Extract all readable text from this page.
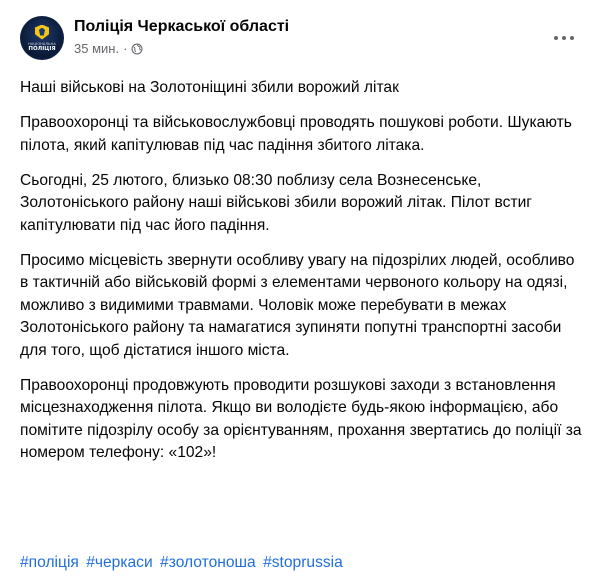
НАЦІОНАЛЬНА
ПОЛІЦІЯ
Поліція Черкаської області
35 мин. ·

Наші військові на Золотоніщині збили ворожий літак

Правоохоронці та військовослужбовці проводять пошукові роботи. Шукають пілота, який капітулював під час падіння збитого літака.

Сьогодні, 25 лютого, близько 08:30 поблизу села Вознесенське, Золотоніського району наші військові збили ворожий літак. Пілот встиг капітулювати під час його падіння.

Просимо місцевість звернути особливу увагу на підозрілих людей, особливо в тактичній або військовій формі з елементами червоного кольору на одязі, можливо з видимими травмами. Чоловік може перебувати в межах Золотоніського району та намагатися зупиняти попутні транспортні засоби для того, щоб дістатися іншого міста.

Правоохоронці продовжують проводити розшукові заходи з встановлення місцезнаходження пілота. Якщо ви володієте будь-якою інформацією, або помітите підозрілу особу за орієнтуванням, прохання звертатись до поліції за номером телефону: «102»!

#поліція #черкаси #золотоноша #stoprussia
